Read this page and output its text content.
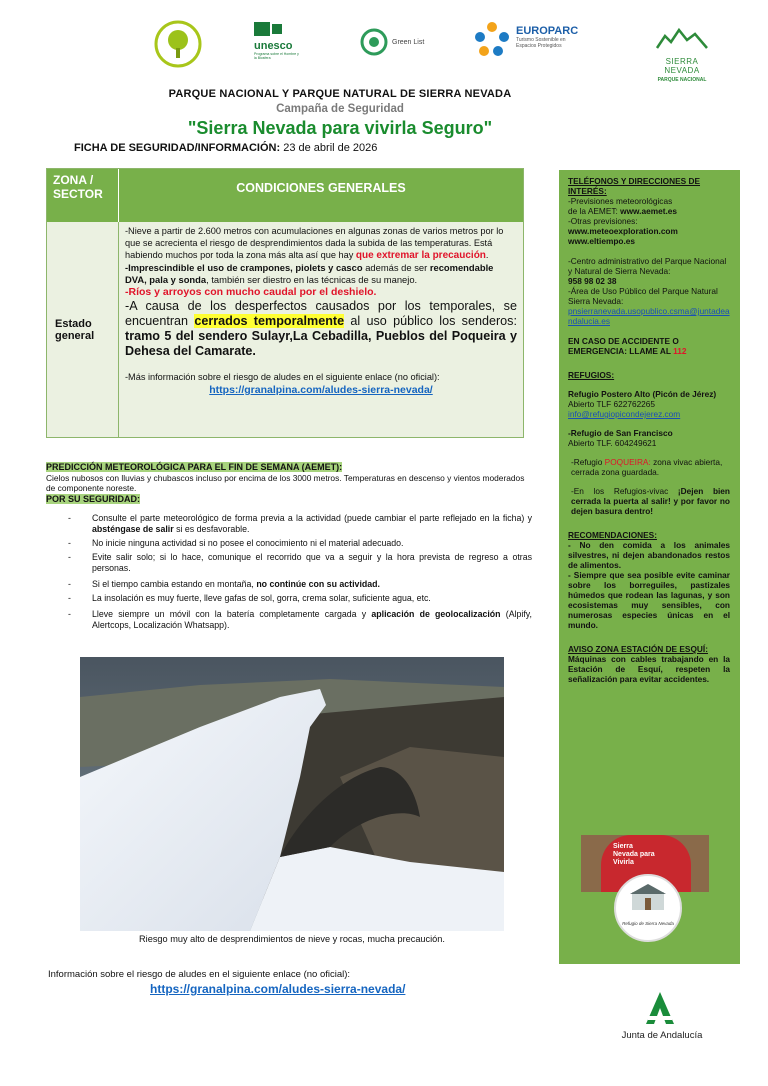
unesco
Programa sobre el Hombre y la Biosfera
Green List
EUROPARC
Turismo Sostenible en Espacios Protegidos
SIERRA
NEVADA
PARQUE NACIONAL
PARQUE NACIONAL Y PARQUE NATURAL DE SIERRA NEVADA
Campaña de Seguridad
"Sierra Nevada para vivirla Seguro"
FICHA DE SEGURIDAD/INFORMACIÓN: 23 de abril de 2026
ZONA / SECTOR	CONDICIONES GENERALES
Estado general
-Nieve a partir de 2.600 metros con acumulaciones en algunas zonas de varios metros por lo que se acrecienta el riesgo de desprendimientos dada la subida de las temperaturas. Está habiendo muchos por toda la zona más alta así que hay que extremar la precaución.
-Imprescindible el uso de crampones, piolets y casco además de ser recomendable DVA, pala y sonda, también ser diestro en las técnicas de su manejo.
-Ríos y arroyos con mucho caudal por el deshielo.
-A causa de los desperfectos causados por los temporales, se encuentran cerrados temporalmente al uso público los senderos: tramo 5 del sendero Sulayr,La Cebadilla, Pueblos del Poqueira y Dehesa del Camarate.
-Más información sobre el riesgo de aludes en el siguiente enlace (no oficial):
https://granalpina.com/aludes-sierra-nevada/
PREDICCIÓN METEOROLÓGICA PARA EL FIN DE SEMANA (AEMET):
Cielos nubosos con lluvias y chubascos incluso por encima de los 3000 metros. Temperaturas en descenso y vientos moderados de componente noreste.
POR SU SEGURIDAD:
-	Consulte el parte meteorológico de forma previa a la actividad (puede cambiar el parte reflejado en la ficha) y absténgase de salir si es desfavorable.
-	No inicie ninguna actividad si no posee el conocimiento ni el material adecuado.
-	Evite salir solo; si lo hace, comunique el recorrido que va a seguir y la hora prevista de regreso a otras personas.
-	Si el tiempo cambia estando en montaña, no continúe con su actividad.
-	La insolación es muy fuerte, lleve gafas de sol, gorra, crema solar, suficiente agua, etc.
-	Lleve siempre un móvil con la batería completamente cargada y aplicación de geolocalización (Alpify, Alertcops, Localización Whatsapp).
Riesgo muy alto de desprendimientos de nieve y rocas, mucha precaución.
Información sobre el riesgo de aludes en el siguiente enlace (no oficial):
https://granalpina.com/aludes-sierra-nevada/
TELÉFONOS Y DIRECCIONES DE INTERÉS:
-Previsiones meteorológicas
de la AEMET: www.aemet.es
-Otras previsiones:
www.meteoexploration.com
www.eltiempo.es
-Centro administrativo del Parque Nacional y Natural de Sierra Nevada:
958 98 02 38
-Área de Uso Público del Parque Natural Sierra Nevada:
pnsierranevada.usopublico.csma@juntadeandalucia.es
EN CASO DE ACCIDENTE O EMERGENCIA: LLAME AL 112
REFUGIOS:
Refugio Postero Alto (Picón de Jérez)
Abierto TLF 622762265
info@refugiopicondejerez.com
-Refugio de San Francisco
Abierto TLF. 604249621
-Refugio POQUEIRA: zona vivac abierta, cerrada zona guardada.
-En los Refugios-vivac ¡Dejen bien cerrada la puerta al salir! y por favor no dejen basura dentro!
RECOMENDACIONES:
- No den comida a los animales silvestres, ni dejen abandonados restos de alimentos.
- Siempre que sea posible evite caminar sobre los borreguiles, pastizales húmedos que rodean las lagunas, y son ecosistemas muy sensibles, con numerosas especies únicas en el mundo.
AVISO ZONA ESTACIÓN DE ESQUÍ:
Máquinas con cables trabajando en la Estación de Esquí, respeten la señalización para evitar accidentes.
Sierra
Nevada para
Vivirla
Refugio de Sierra Nevada
Junta de Andalucía
